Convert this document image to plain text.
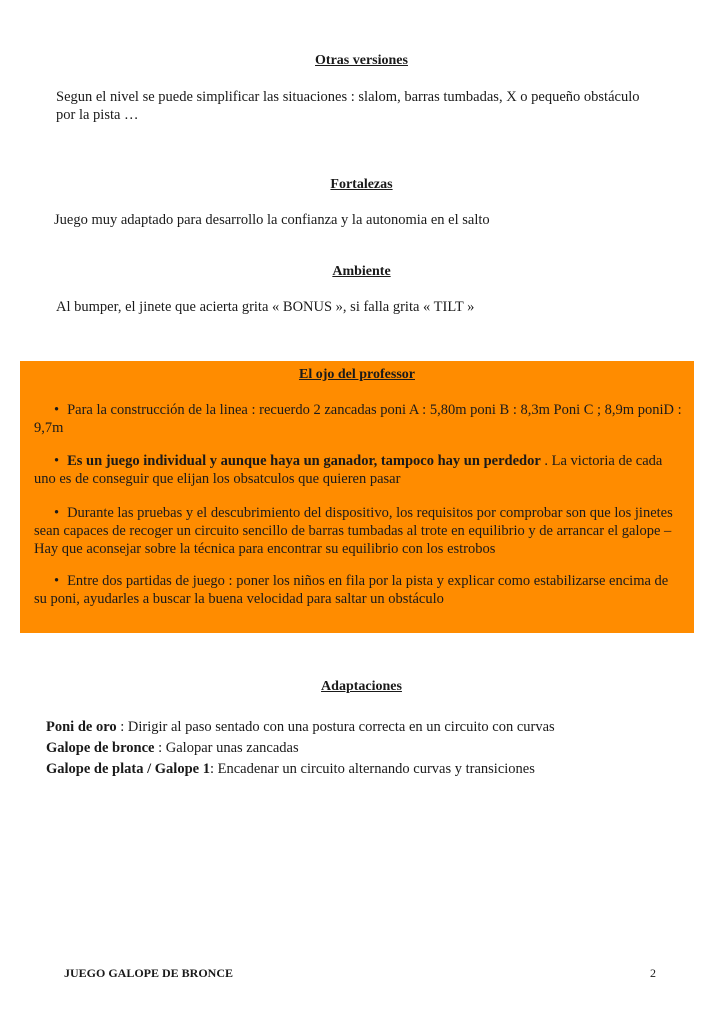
Otras versiones
Segun el nivel se puede simplificar las situaciones : slalom, barras tumbadas, X o pequeño obstáculo
por la pista …
Fortalezas
Juego muy adaptado para desarrollo la confianza y la autonomia en el salto
Ambiente
Al bumper, el jinete que acierta grita « BONUS », si falla grita « TILT »
El ojo del professor
• Para la construcción de la linea : recuerdo 2 zancadas poni A : 5,80m poni B : 8,3m Poni C ; 8,9m poniD : 9,7m
• Es un juego individual y aunque haya un ganador, tampoco hay un perdedor . La victoria de cada uno es de conseguir que elijan los obsatculos que quieren pasar
• Durante las pruebas y el descubrimiento del dispositivo, los requisitos por comprobar son que los jinetes sean capaces de recoger un circuito sencillo de barras tumbadas al trote en equilibrio y de arrancar el galope – Hay que aconsejar sobre la técnica para encontrar su equilibrio con los estrobos
• Entre dos partidas de juego : poner los niños en fila por la pista y explicar como estabilizarse encima de su poni, ayudarles a buscar la buena velocidad para saltar un obstáculo
Adaptaciones
Poni de oro : Dirigir al paso sentado con una postura correcta en un circuito con curvas
Galope de bronce : Galopar unas zancadas
Galope de plata / Galope 1: Encadenar un circuito alternando curvas y transiciones
JUEGO GALOPE DE BRONCE	2
